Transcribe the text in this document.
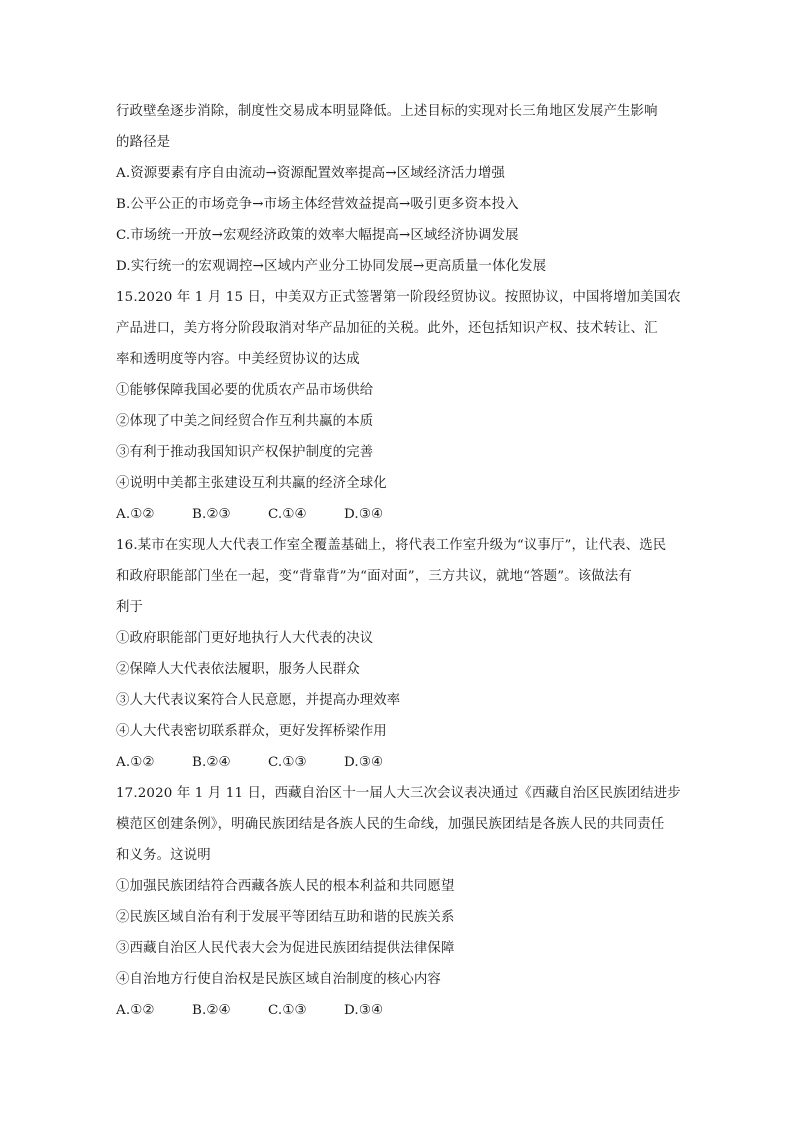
行政壁垒逐步消除，制度性交易成本明显降低。上述目标的实现对长三角地区发展产生影响
的路径是
A.资源要素有序自由流动→资源配置效率提高→区域经济活力增强
B.公平公正的市场竞争→市场主体经营效益提高→吸引更多资本投入
C.市场统一开放→宏观经济政策的效率大幅提高→区域经济协调发展
D.实行统一的宏观调控→区域内产业分工协同发展→更高质量一体化发展
15.2020 年 1 月 15 日，中美双方正式签署第一阶段经贸协议。按照协议，中国将增加美国农
产品进口，美方将分阶段取消对华产品加征的关税。此外，还包括知识产权、技术转让、汇
率和透明度等内容。中美经贸协议的达成
①能够保障我国必要的优质农产品市场供给
②体现了中美之间经贸合作互利共赢的本质
③有利于推动我国知识产权保护制度的完善
④说明中美都主张建设互利共赢的经济全球化
A.①②	B.②③	C.①④	D.③④
16.某市在实现人大代表工作室全覆盖基础上，将代表工作室升级为“议事厅”，让代表、选民
和政府职能部门坐在一起，变“背靠背”为“面对面”，三方共议，就地“答题”。该做法有
利于
①政府职能部门更好地执行人大代表的决议
②保障人大代表依法履职，服务人民群众
③人大代表议案符合人民意愿，并提高办理效率
④人大代表密切联系群众，更好发挥桥梁作用
A.①②	B.②④	C.①③	D.③④
17.2020 年 1 月 11 日，西藏自治区十一届人大三次会议表决通过《西藏自治区民族团结进步
模范区创建条例》，明确民族团结是各族人民的生命线，加强民族团结是各族人民的共同责任
和义务。这说明
①加强民族团结符合西藏各族人民的根本利益和共同愿望
②民族区域自治有利于发展平等团结互助和谐的民族关系
③西藏自治区人民代表大会为促进民族团结提供法律保障
④自治地方行使自治权是民族区域自治制度的核心内容
A.①②	B.②④	C.①③	D.③④
